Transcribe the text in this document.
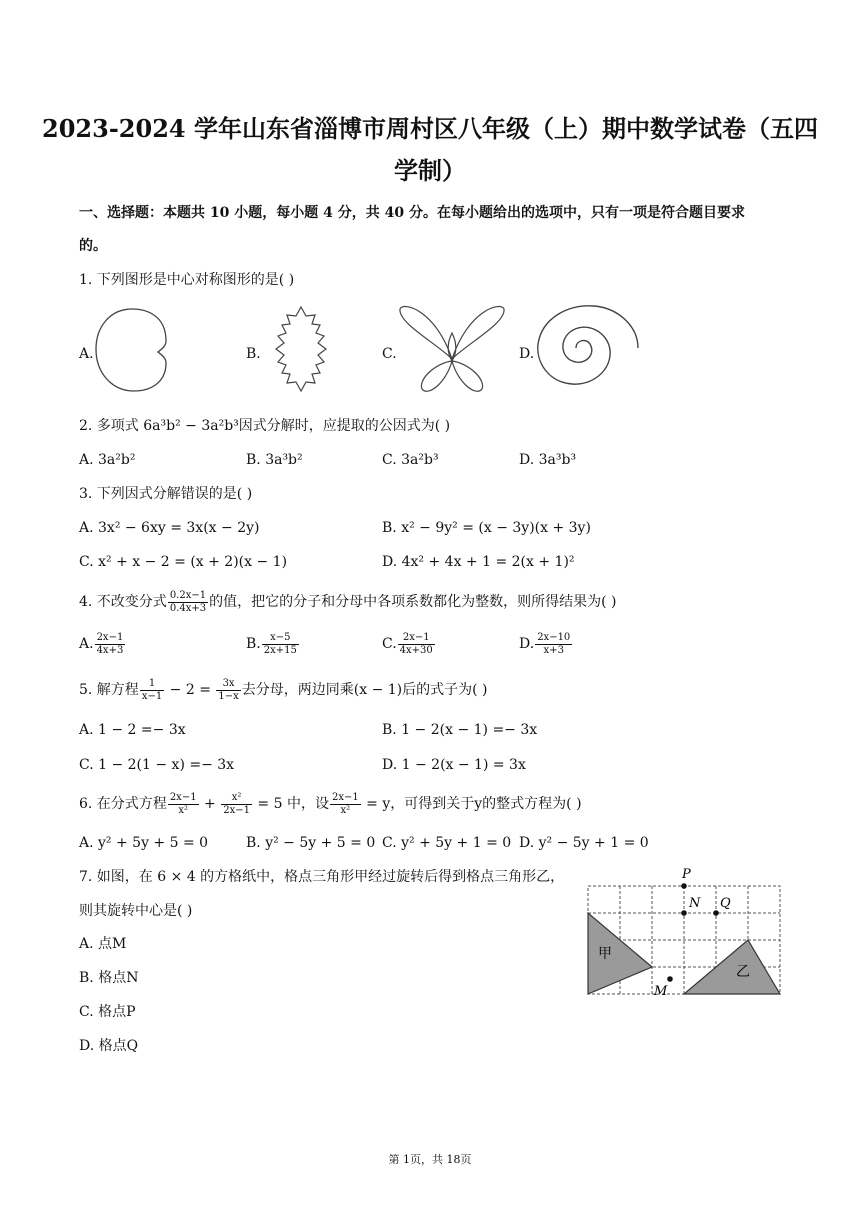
2023-2024 学年山东省淄博市周村区八年级（上）期中数学试卷（五四
学制）
一、选择题：本题共 10 小题，每小题 4 分，共 40 分。在每小题给出的选项中，只有一项是符合题目要求
的。
1. 下列图形是中心对称图形的是( )
A.	B.	C.	D.
2. 多项式 6a³b² − 3a²b³因式分解时，应提取的公因式为( )
A. 3a²b²	B. 3a³b²	C. 3a²b³	D. 3a³b³
3. 下列因式分解错误的是( )
A. 3x² − 6xy = 3x(x − 2y)	B. x² − 9y² = (x − 3y)(x + 3y)
C. x² + x − 2 = (x + 2)(x − 1)	D. 4x² + 4x + 1 = 2(x + 1)²
4. 不改变分式 $\frac{0.2x-1}{0.4x+3}$ 的值，把它的分子和分母中各项系数都化为整数，则所得结果为( )
A. $\frac{2x-1}{4x+3}$	B. $\frac{x-5}{2x+15}$	C. $\frac{2x-1}{4x+30}$	D. $\frac{2x-10}{x+3}$
5. 解方程 $\frac{1}{x-1} - 2 = \frac{3x}{1-x}$ 去分母，两边同乘(x − 1)后的式子为( )
A. 1 − 2 =− 3x	B. 1 − 2(x − 1) =− 3x
C. 1 − 2(1 − x) =− 3x	D. 1 − 2(x − 1) = 3x
6. 在分式方程 $\frac{2x-1}{\text{x²}} + \frac{\text{x²}}{2x-1} = 5$ 中，设 $\frac{2x-1}{\text{x²}} = y$，可得到关于y的整式方程为( )
A. y² + 5y + 5 = 0	B. y² − 5y + 5 = 0 C. y² + 5y + 1 = 0 D. y² − 5y + 1 = 0
7. 如图，在 6 × 4 的方格纸中，格点三角形甲经过旋转后得到格点三角形乙，
则其旋转中心是( )
A. 点M
B. 格点N
C. 格点P
D. 格点Q
P
N Q
M
甲
乙
第 1页，共 18页
